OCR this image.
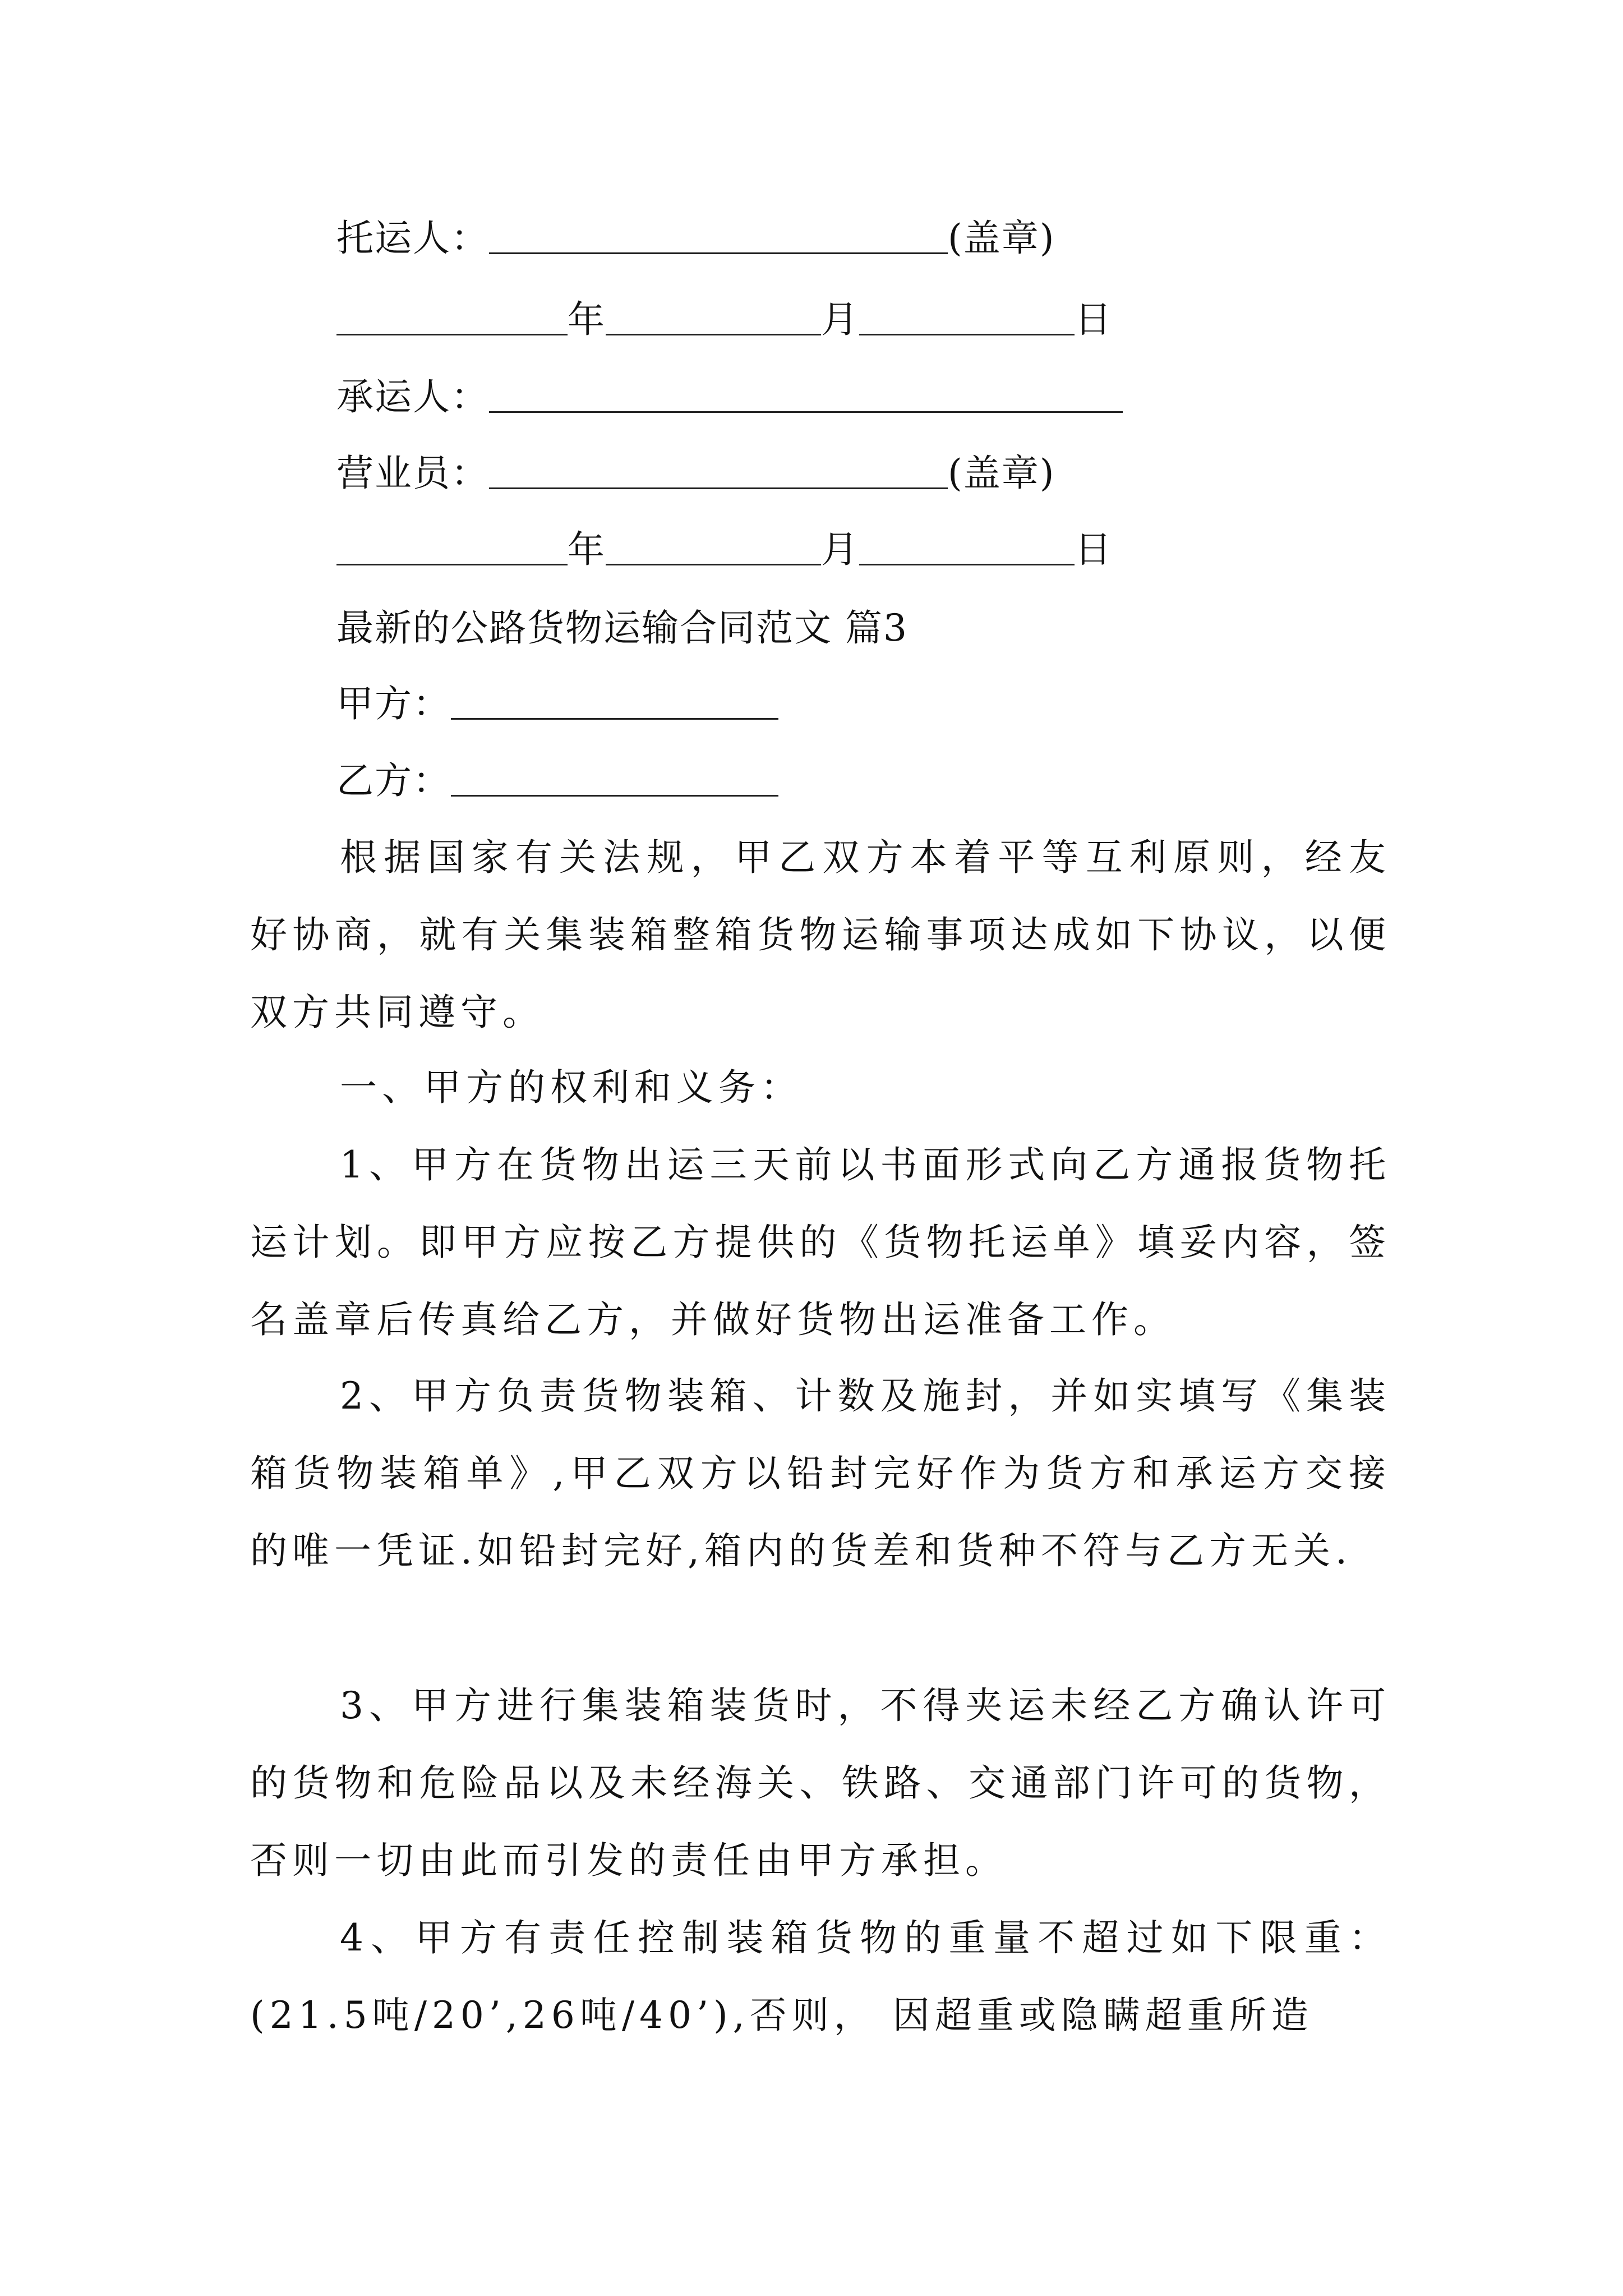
托运人：	(盖章)
年	月	日
承运人：
营业员：	(盖章)
年	月	日
最新的公路货物运输合同范文 篇3
甲方：
乙方：
根据国家有关法规，甲乙双方本着平等互利原则，经友好协商，就有关集装箱整箱货物运输事项达成如下协议，以便双方共同遵守。
一、甲方的权利和义务：
1、甲方在货物出运三天前以书面形式向乙方通报货物托运计划。即甲方应按乙方提供的《货物托运单》填妥内容，签名盖章后传真给乙方，并做好货物出运准备工作。
2、甲方负责货物装箱、计数及施封，并如实填写《集装箱货物装箱单》,甲乙双方以铅封完好作为货方和承运方交接的唯一凭证.如铅封完好,箱内的货差和货种不符与乙方无关.
3、甲方进行集装箱装货时，不得夹运未经乙方确认许可的货物和危险品以及未经海关、铁路、交通部门许可的货物，否则一切由此而引发的责任由甲方承担。
4、甲方有责任控制装箱货物的重量不超过如下限重：(21.5吨/20’,26吨/40’),否则， 因超重或隐瞒超重所造
